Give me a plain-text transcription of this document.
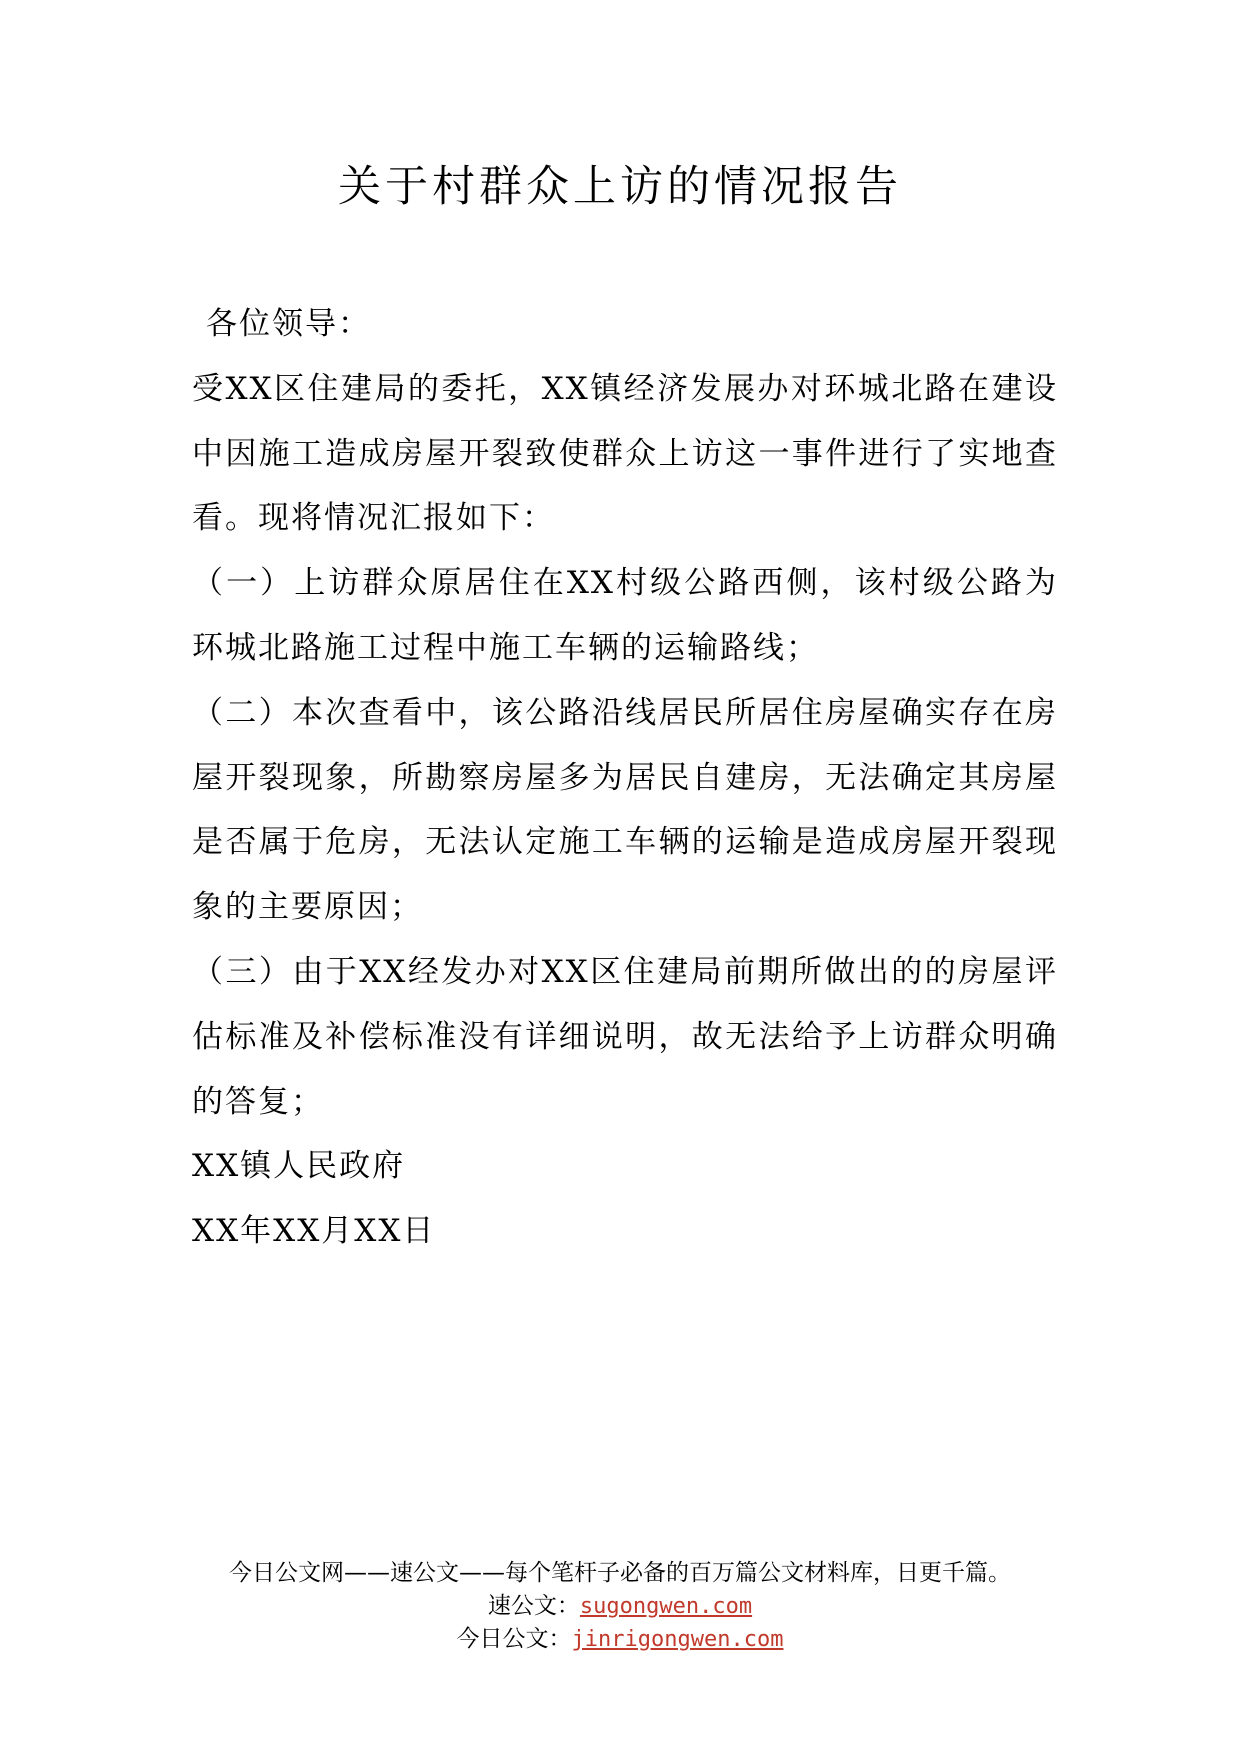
关于村群众上访的情况报告

各位领导：

受XX区住建局的委托，XX镇经济发展办对环城北路在建设中因施工造成房屋开裂致使群众上访这一事件进行了实地查看。现将情况汇报如下：

（一）上访群众原居住在XX村级公路西侧，该村级公路为环城北路施工过程中施工车辆的运输路线；

（二）本次查看中，该公路沿线居民所居住房屋确实存在房屋开裂现象，所勘察房屋多为居民自建房，无法确定其房屋是否属于危房，无法认定施工车辆的运输是造成房屋开裂现象的主要原因；

（三）由于XX经发办对XX区住建局前期所做出的的房屋评估标准及补偿标准没有详细说明，故无法给予上访群众明确的答复；

XX镇人民政府

XX年XX月XX日

今日公文网——速公文——每个笔杆子必备的百万篇公文材料库，日更千篇。
速公文：sugongwen.com
今日公文：jinrigongwen.com
